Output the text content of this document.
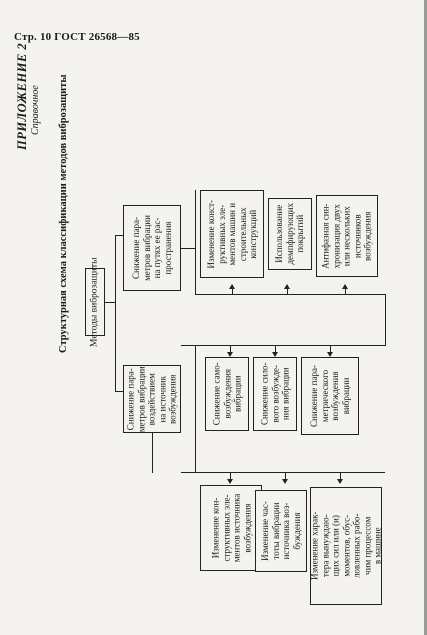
Стр. 10 ГОСТ 26568—85
ПРИЛОЖЕНИЕ 2 Справочное Структурная схема классификации методов виброзащиты Методы виброзащиты
Снижение пара-
метров вибрации
воздействием
на источник
возбуждения
Снижение пара-
метров вибрации
на путях ее рас-
пространения	Изменение конст-
руктивных эле-
ментов машин и
строительных
конструкций Использование
демпфирующих
покрытий Антифазная син-
хронизация двух
или нескольких
источников
возбуждения
Снижение само-
возбуждения
вибрации Снижение сило-
вого возбужде-
ния вибрации
Снижение пара-
метрического
возбуждения
вибрации
Изменение кон-
структивных эле-
ментов источника
возбуждения Изменение час-
тоты вибрации
источника воз-
буждения
Изменение харак-
тера вынуждаю-
щих сил или (и)
моментов, обус-
ловленных рабо-
чим процессом
в машине
